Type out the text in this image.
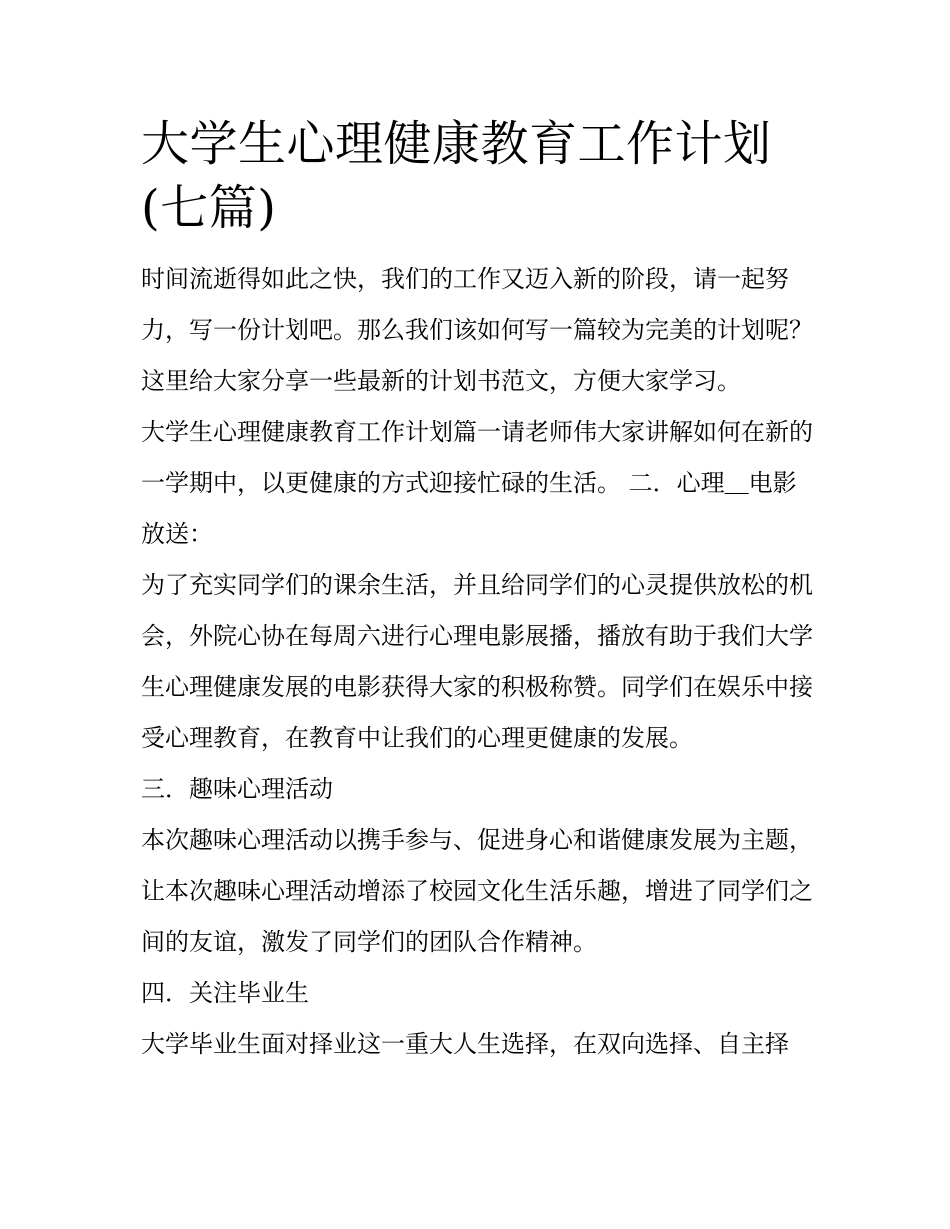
大学生心理健康教育工作计划(七篇)

时间流逝得如此之快，我们的工作又迈入新的阶段，请一起努力，写一份计划吧。那么我们该如何写一篇较为完美的计划呢？这里给大家分享一些最新的计划书范文，方便大家学习。

大学生心理健康教育工作计划篇一请老师伟大家讲解如何在新的一学期中，以更健康的方式迎接忙碌的生活。 二．心理＿电影放送：

为了充实同学们的课余生活，并且给同学们的心灵提供放松的机会，外院心协在每周六进行心理电影展播，播放有助于我们大学生心理健康发展的电影获得大家的积极称赞。同学们在娱乐中接受心理教育，在教育中让我们的心理更健康的发展。

三．趣味心理活动

本次趣味心理活动以携手参与、促进身心和谐健康发展为主题，让本次趣味心理活动增添了校园文化生活乐趣，增进了同学们之间的友谊，激发了同学们的团队合作精神。

四．关注毕业生

大学毕业生面对择业这一重大人生选择，在双向选择、自主择
